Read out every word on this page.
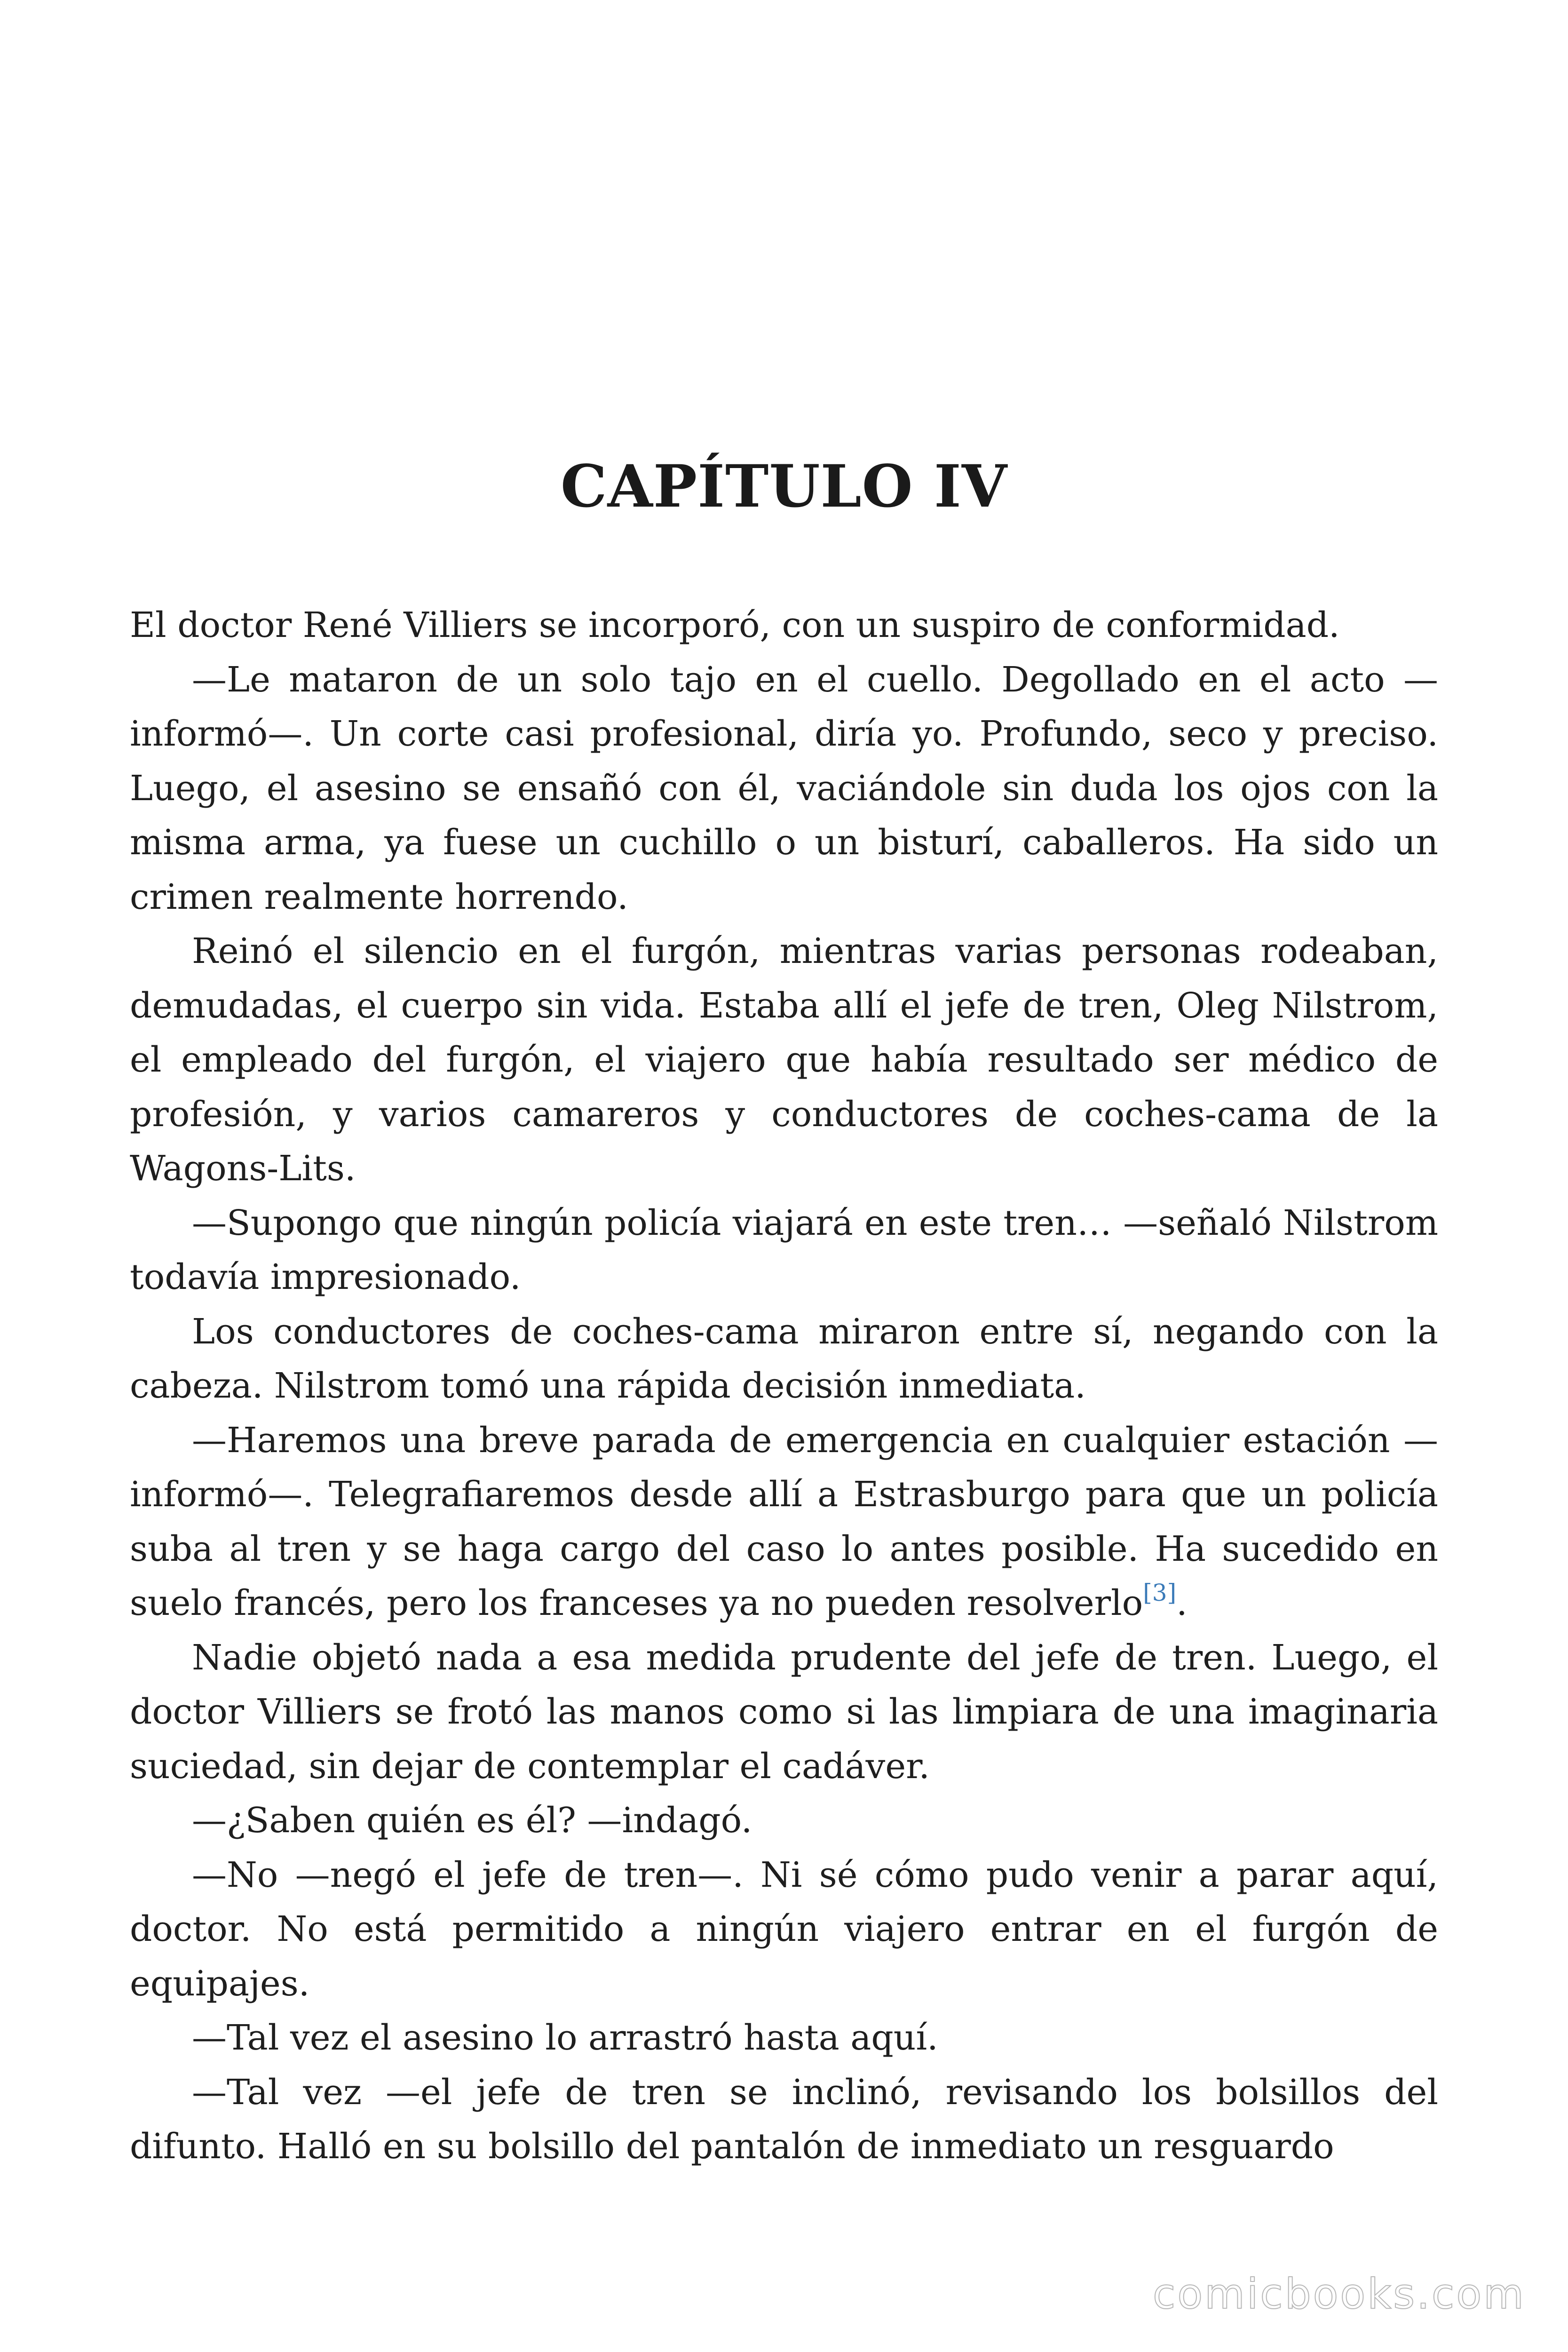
CAPÍTULO IV

El doctor René Villiers se incorporó, con un suspiro de conformidad.

—Le mataron de un solo tajo en el cuello. Degollado en el acto —informó—. Un corte casi profesional, diría yo. Profundo, seco y preciso. Luego, el asesino se ensañó con él, vaciándole sin duda los ojos con la misma arma, ya fuese un cuchillo o un bisturí, caballeros. Ha sido un crimen realmente horrendo.

Reinó el silencio en el furgón, mientras varias personas rodeaban, demudadas, el cuerpo sin vida. Estaba allí el jefe de tren, Oleg Nilstrom, el empleado del furgón, el viajero que había resultado ser médico de profesión, y varios camareros y conductores de coches-cama de la Wagons-Lits.

—Supongo que ningún policía viajará en este tren… —señaló Nilstrom todavía impresionado.

Los conductores de coches-cama miraron entre sí, negando con la cabeza. Nilstrom tomó una rápida decisión inmediata.

—Haremos una breve parada de emergencia en cualquier estación —informó—. Telegrafiaremos desde allí a Estrasburgo para que un policía suba al tren y se haga cargo del caso lo antes posible. Ha sucedido en suelo francés, pero los franceses ya no pueden resolverlo[3].

Nadie objetó nada a esa medida prudente del jefe de tren. Luego, el doctor Villiers se frotó las manos como si las limpiara de una imaginaria suciedad, sin dejar de contemplar el cadáver.

—¿Saben quién es él? —indagó.

—No —negó el jefe de tren—. Ni sé cómo pudo venir a parar aquí, doctor. No está permitido a ningún viajero entrar en el furgón de equipajes.

—Tal vez el asesino lo arrastró hasta aquí.

—Tal vez —el jefe de tren se inclinó, revisando los bolsillos del difunto. Halló en su bolsillo del pantalón de inmediato un resguardo

comicbooks.com
